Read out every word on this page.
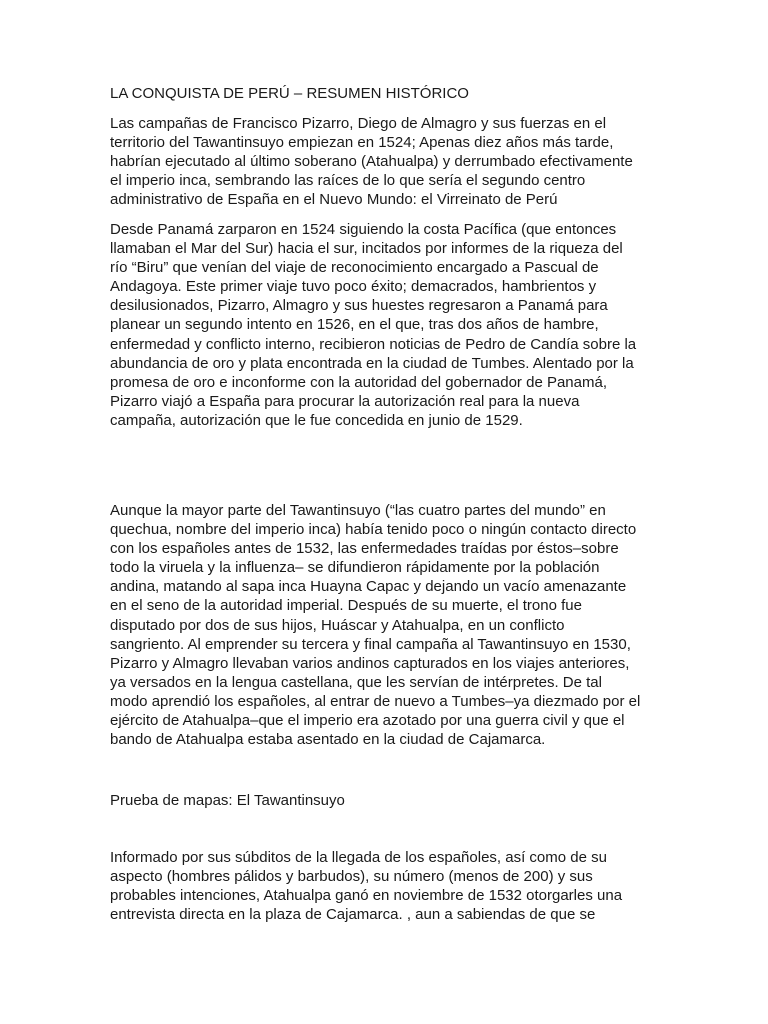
LA CONQUISTA DE PERÚ – RESUMEN HISTÓRICO

Las campañas de Francisco Pizarro, Diego de Almagro y sus fuerzas en el
territorio del Tawantinsuyo empiezan en 1524; Apenas diez años más tarde,
habrían ejecutado al último soberano (Atahualpa) y derrumbado efectivamente
el imperio inca, sembrando las raíces de lo que sería el segundo centro
administrativo de España en el Nuevo Mundo: el Virreinato de Perú

Desde Panamá zarparon en 1524 siguiendo la costa Pacífica (que entonces
llamaban el Mar del Sur) hacia el sur, incitados por informes de la riqueza del
río “Biru” que venían del viaje de reconocimiento encargado a Pascual de
Andagoya. Este primer viaje tuvo poco éxito; demacrados, hambrientos y
desilusionados, Pizarro, Almagro y sus huestes regresaron a Panamá para
planear un segundo intento en 1526, en el que, tras dos años de hambre,
enfermedad y conflicto interno, recibieron noticias de Pedro de Candía sobre la
abundancia de oro y plata encontrada en la ciudad de Tumbes. Alentado por la
promesa de oro e inconforme con la autoridad del gobernador de Panamá,
Pizarro viajó a España para procurar la autorización real para la nueva
campaña, autorización que le fue concedida en junio de 1529.

Aunque la mayor parte del Tawantinsuyo (“las cuatro partes del mundo” en
quechua, nombre del imperio inca) había tenido poco o ningún contacto directo
con los españoles antes de 1532, las enfermedades traídas por éstos–sobre
todo la viruela y la influenza– se difundieron rápidamente por la población
andina, matando al sapa inca Huayna Capac y dejando un vacío amenazante
en el seno de la autoridad imperial. Después de su muerte, el trono fue
disputado por dos de sus hijos, Huáscar y Atahualpa, en un conflicto
sangriento. Al emprender su tercera y final campaña al Tawantinsuyo en 1530,
Pizarro y Almagro llevaban varios andinos capturados en los viajes anteriores,
ya versados en la lengua castellana, que les servían de intérpretes. De tal
modo aprendió los españoles, al entrar de nuevo a Tumbes–ya diezmado por el
ejército de Atahualpa–que el imperio era azotado por una guerra civil y que el
bando de Atahualpa estaba asentado en la ciudad de Cajamarca.

Prueba de mapas: El Tawantinsuyo

Informado por sus súbditos de la llegada de los españoles, así como de su
aspecto (hombres pálidos y barbudos), su número (menos de 200) y sus
probables intenciones, Atahualpa ganó en noviembre de 1532 otorgarles una
entrevista directa en la plaza de Cajamarca. , aun a sabiendas de que se
